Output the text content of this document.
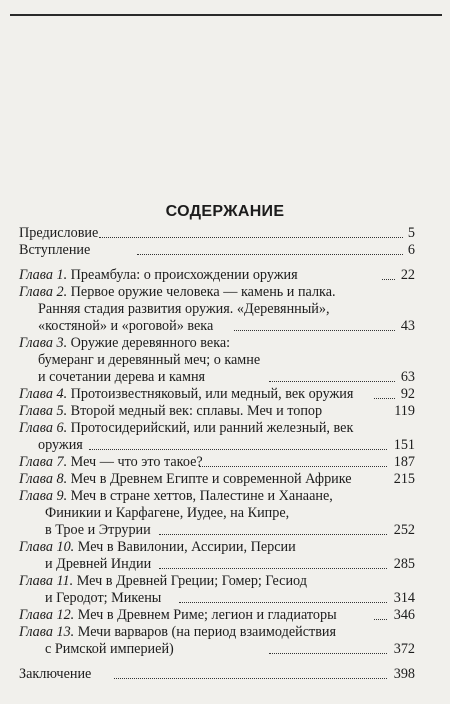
СОДЕРЖАНИЕ
Предисловие	5
Вступление	6
Глава 1. Преамбула: о происхождении оружия	22
Глава 2. Первое оружие человека — камень и палка.
Ранняя стадия развития оружия. «Деревянный»,
«костяной» и «роговой» века	43
Глава 3. Оружие деревянного века:
бумеранг и деревянный меч; о камне
и сочетании дерева и камня	63
Глава 4. Протоизвестняковый, или медный, век оружия	92
Глава 5. Второй медный век: сплавы. Меч и топор	119
Глава 6. Протосидерийский, или ранний железный, век
оружия	151
Глава 7. Меч — что это такое?	187
Глава 8. Меч в Древнем Египте и современной Африке	215
Глава 9. Меч в стране хеттов, Палестине и Ханаане,
Финикии и Карфагене, Иудее, на Кипре,
в Трое и Этрурии	252
Глава 10. Меч в Вавилонии, Ассирии, Персии
и Древней Индии	285
Глава 11. Меч в Древней Греции; Гомер; Гесиод
и Геродот; Микены	314
Глава 12. Меч в Древнем Риме; легион и гладиаторы	346
Глава 13. Мечи варваров (на период взаимодействия
с Римской империей)	372
Заключение	398
